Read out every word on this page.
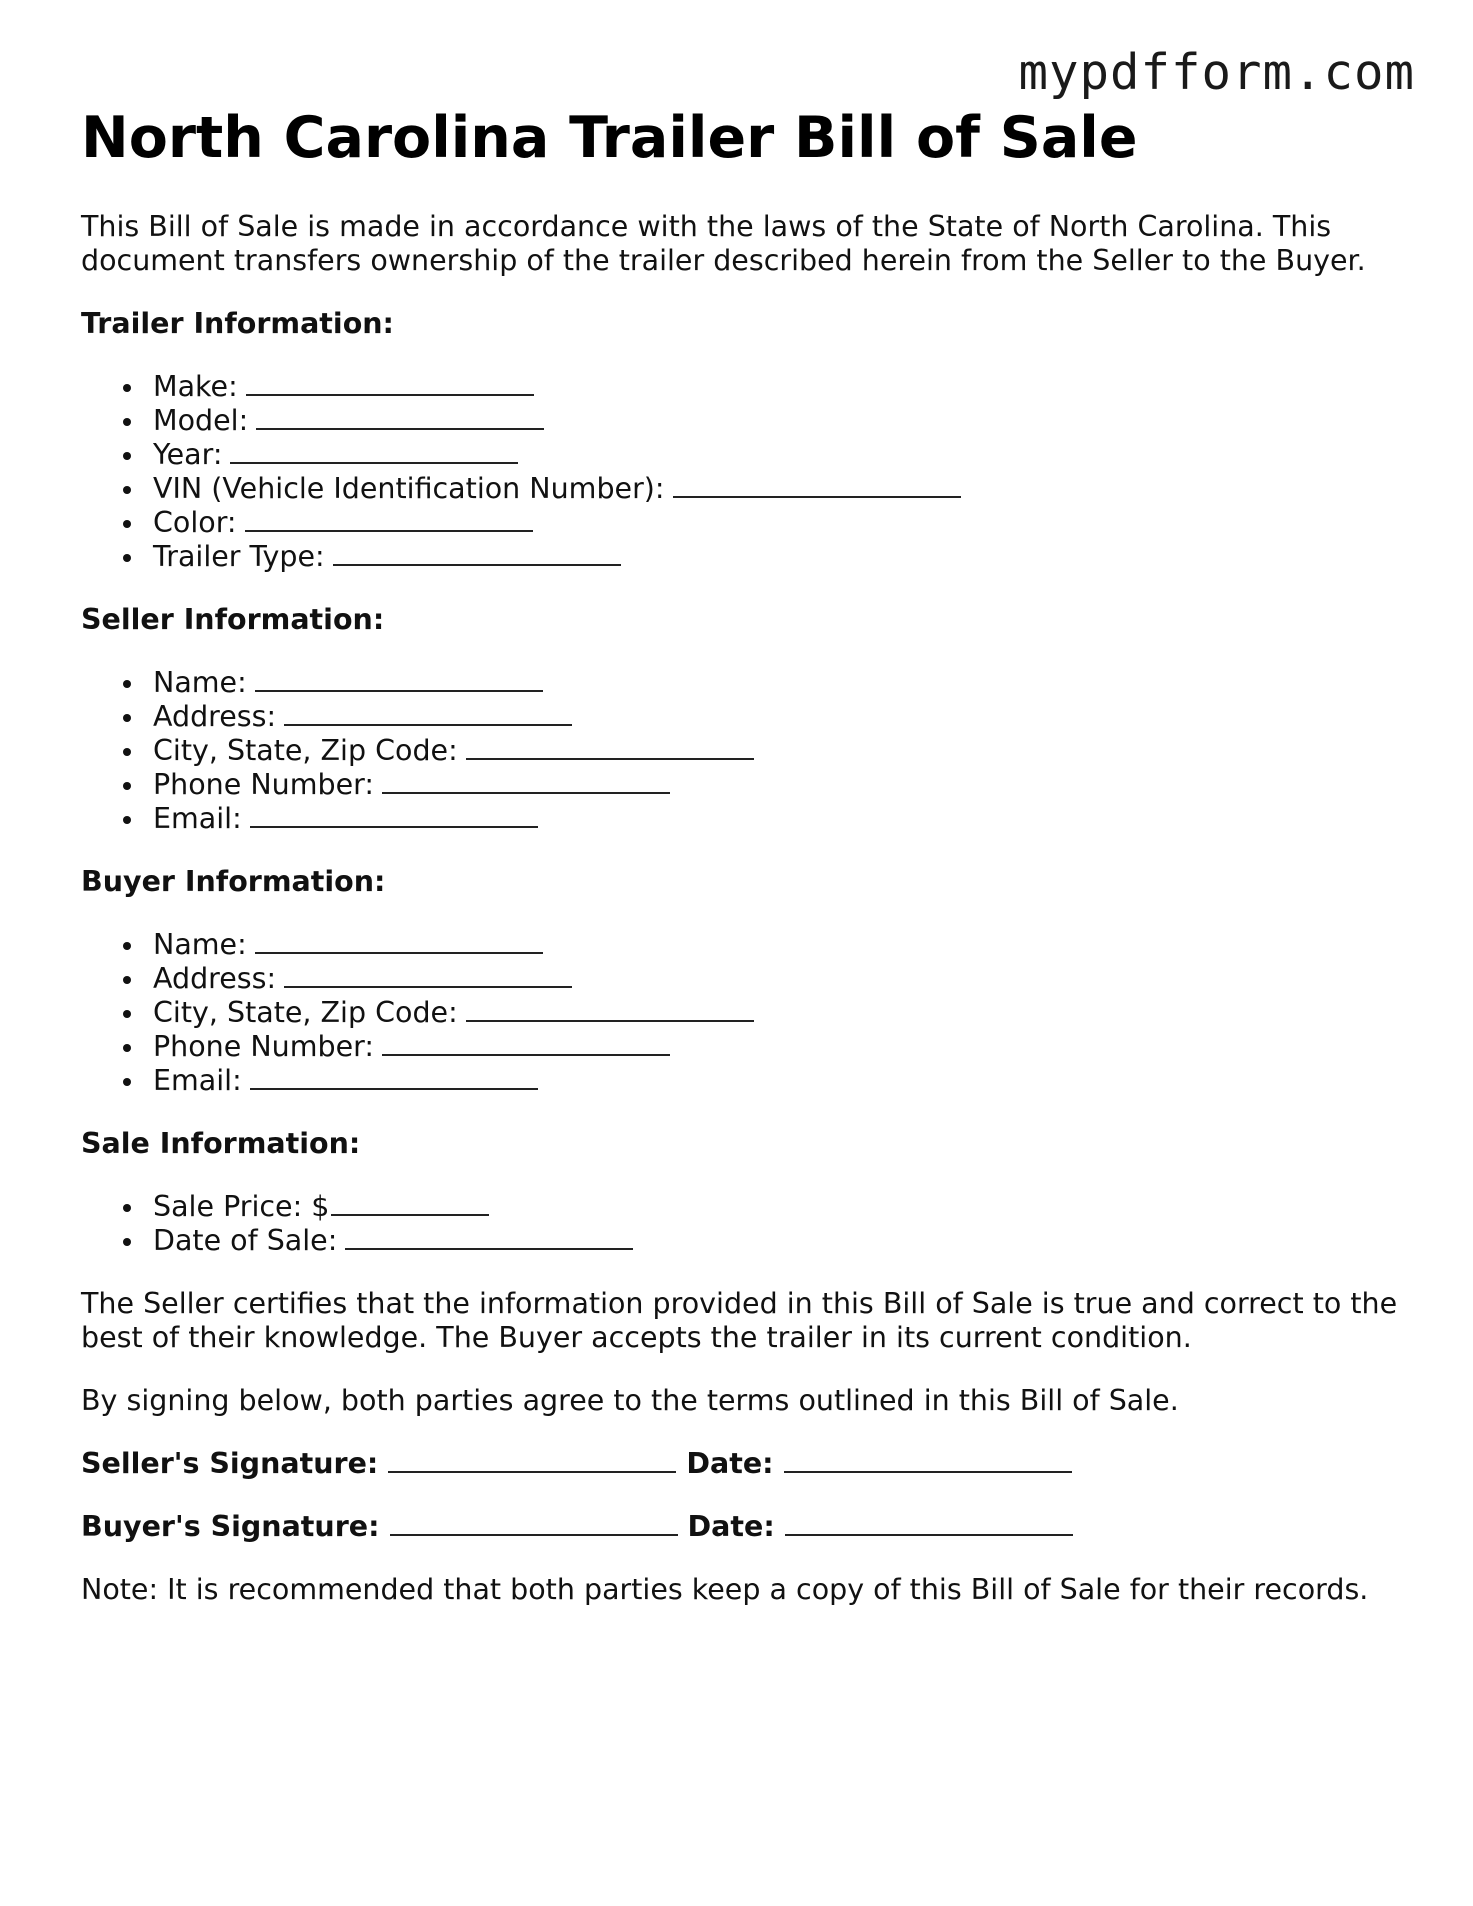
mypdfform.com
North Carolina Trailer Bill of Sale

This Bill of Sale is made in accordance with the laws of the State of North Carolina. This document transfers ownership of the trailer described herein from the Seller to the Buyer.

Trailer Information:
Make:
Model:
Year:
VIN (Vehicle Identification Number):
Color:
Trailer Type:
Seller Information:
Name:
Address:
City, State, Zip Code:
Phone Number:
Email:
Buyer Information:
Name:
Address:
City, State, Zip Code:
Phone Number:
Email:
Sale Information:
Sale Price: $
Date of Sale:

The Seller certifies that the information provided in this Bill of Sale is true and correct to the best of their knowledge. The Buyer accepts the trailer in its current condition.

By signing below, both parties agree to the terms outlined in this Bill of Sale.

Seller's Signature:	Date:
Buyer's Signature:	Date:

Note: It is recommended that both parties keep a copy of this Bill of Sale for their records.
